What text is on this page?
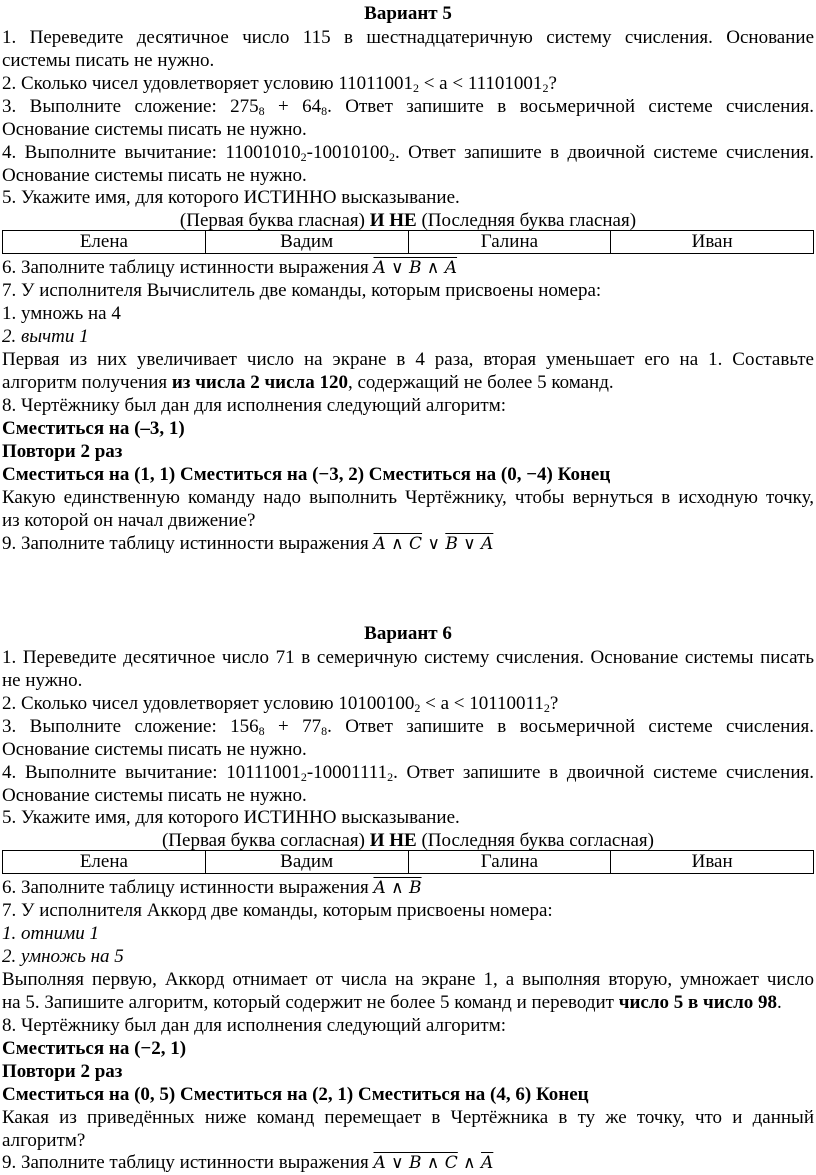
Вариант 5
1. Переведите десятичное число 115 в шестнадцатеричную систему счисления. Основание
системы писать не нужно.
2. Сколько чисел удовлетворяет условию $11011001_2 < a < 11101001_2$?
3. Выполните сложение: $275_8 + 64_8$. Ответ запишите в восьмеричной системе счисления.
Основание системы писать не нужно.
4. Выполните вычитание: $11001010_2-10010100_2$. Ответ запишите в двоичной системе счисления.
Основание системы писать не нужно.
5. Укажите имя, для которого ИСТИННО высказывание.
(Первая буква гласная) И НЕ (Последняя буква гласная)
Елена	Вадим	Галина	Иван
6. Заполните таблицу истинности выражения A ∨ B ∧ A
7. У исполнителя Вычислитель две команды, которым присвоены номера:
1. умножь на 4
2. вычти 1
Первая из них увеличивает число на экране в 4 раза, вторая уменьшает его на 1. Составьте
алгоритм получения из числа 2 числа 120, содержащий не более 5 команд.
8. Чертёжнику был дан для исполнения следующий алгоритм:
Сместиться на (–3, 1)
Повтори 2 раз
Сместиться на (1, 1) Сместиться на (−3, 2) Сместиться на (0, −4) Конец
Какую единственную команду надо выполнить Чертёжнику, чтобы вернуться в исходную точку,
из которой он начал движение?
9. Заполните таблицу истинности выражения A ∧ C ∨ B ∨ A
Вариант 6
1. Переведите десятичное число 71 в семеричную систему счисления. Основание системы писать
не нужно.
2. Сколько чисел удовлетворяет условию $10100100_2 < a < 10110011_2$?
3. Выполните сложение: $156_8 + 77_8$. Ответ запишите в восьмеричной системе счисления.
Основание системы писать не нужно.
4. Выполните вычитание: $10111001_2-10001111_2$. Ответ запишите в двоичной системе счисления.
Основание системы писать не нужно.
5. Укажите имя, для которого ИСТИННО высказывание.
(Первая буква согласная) И НЕ (Последняя буква согласная)
Елена	Вадим	Галина	Иван
6. Заполните таблицу истинности выражения A ∧ B
7. У исполнителя Аккорд две команды, которым присвоены номера:
1. отними 1
2. умножь на 5
Выполняя первую, Аккорд отнимает от числа на экране 1, а выполняя вторую, умножает число
на 5. Запишите алгоритм, который содержит не более 5 команд и переводит число 5 в число 98.
8. Чертёжнику был дан для исполнения следующий алгоритм:
Сместиться на (−2, 1)
Повтори 2 раз
Сместиться на (0, 5) Сместиться на (2, 1) Сместиться на (4, 6) Конец
Какая из приведённых ниже команд перемещает в Чертёжника в ту же точку, что и данный
алгоритм?
9. Заполните таблицу истинности выражения A ∨ B ∧ C ∧ $\overline{A}$
